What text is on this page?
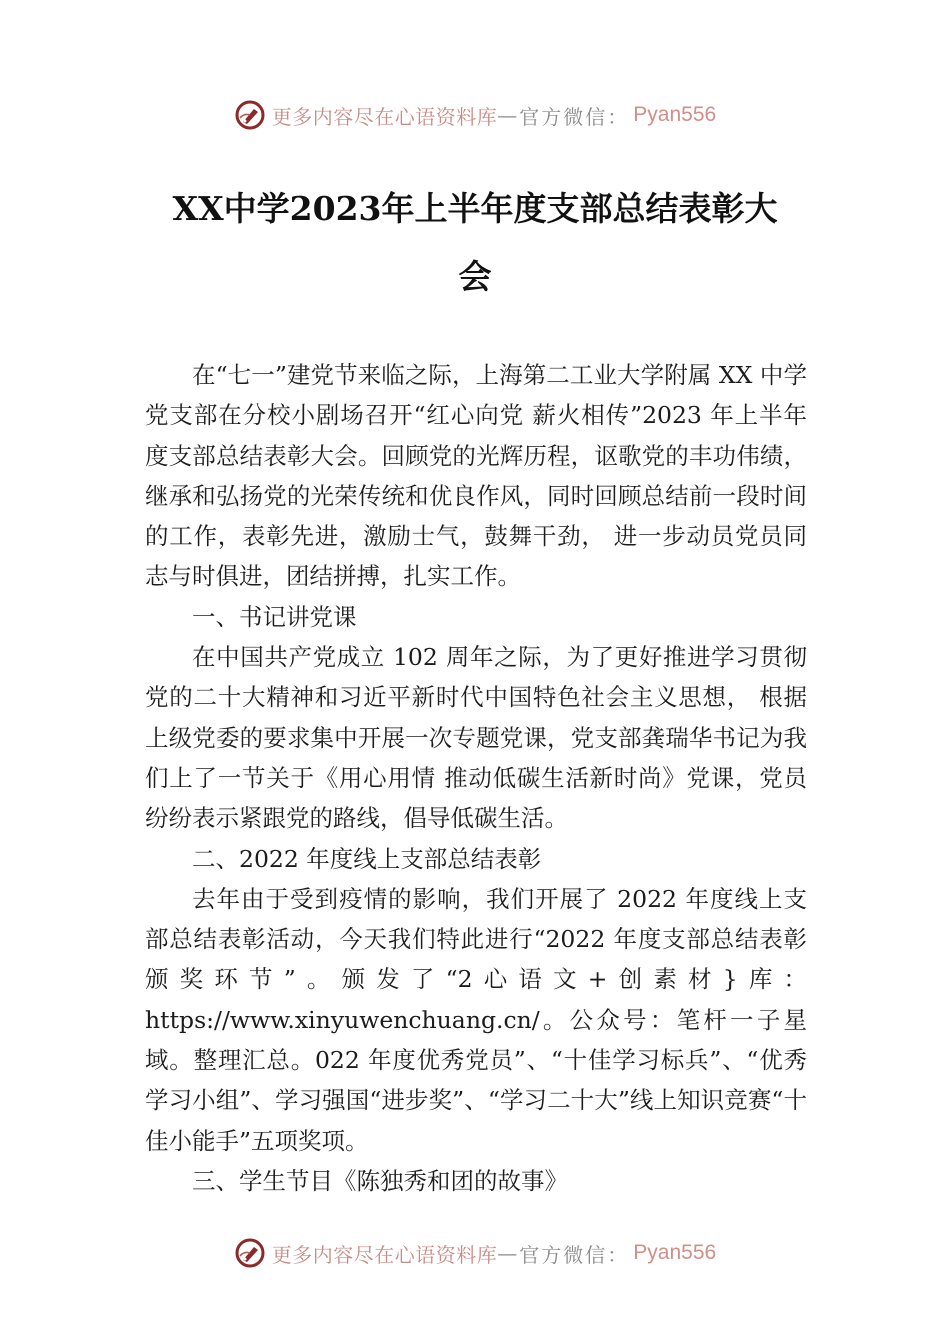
更多内容尽在心语资料库 — 官方微信： Pyan556
XX中学2023年上半年度支部总结表彰大
会

在“七一”建党节来临之际，上海第二工业大学附属 XX 中学党支部在分校小剧场召开“红心向党 薪火相传”2023 年上半年度支部总结表彰大会。回顾党的光辉历程，讴歌党的丰功伟绩，继承和弘扬党的光荣传统和优良作风，同时回顾总结前一段时间的工作，表彰先进，激励士气，鼓舞干劲， 进一步动员党员同志与时俱进，团结拼搏，扎实工作。

一、书记讲党课

在中国共产党成立 102 周年之际，为了更好推进学习贯彻党的二十大精神和习近平新时代中国特色社会主义思想， 根据上级党委的要求集中开展一次专题党课，党支部龚瑞华书记为我们上了一节关于《用心用情 推动低碳生活新时尚》党课，党员纷纷表示紧跟党的路线，倡导低碳生活。

二、2022 年度线上支部总结表彰

去年由于受到疫情的影响，我们开展了 2022 年度线上支部总结表彰活动，今天我们特此进行“2022 年度支部总结表彰颁奖环节”。颁发了“2心语文+创素材}库：https://www.xinyuwenchuang.cn/。公众号：笔杆一子星域。整理汇总。022 年度优秀党员”、“十佳学习标兵”、“优秀学习小组”、学习强国“进步奖”、“学习二十大”线上知识竞赛“十佳小能手”五项奖项。

三、学生节目《陈独秀和团的故事》

更多内容尽在心语资料库 — 官方微信： Pyan556
